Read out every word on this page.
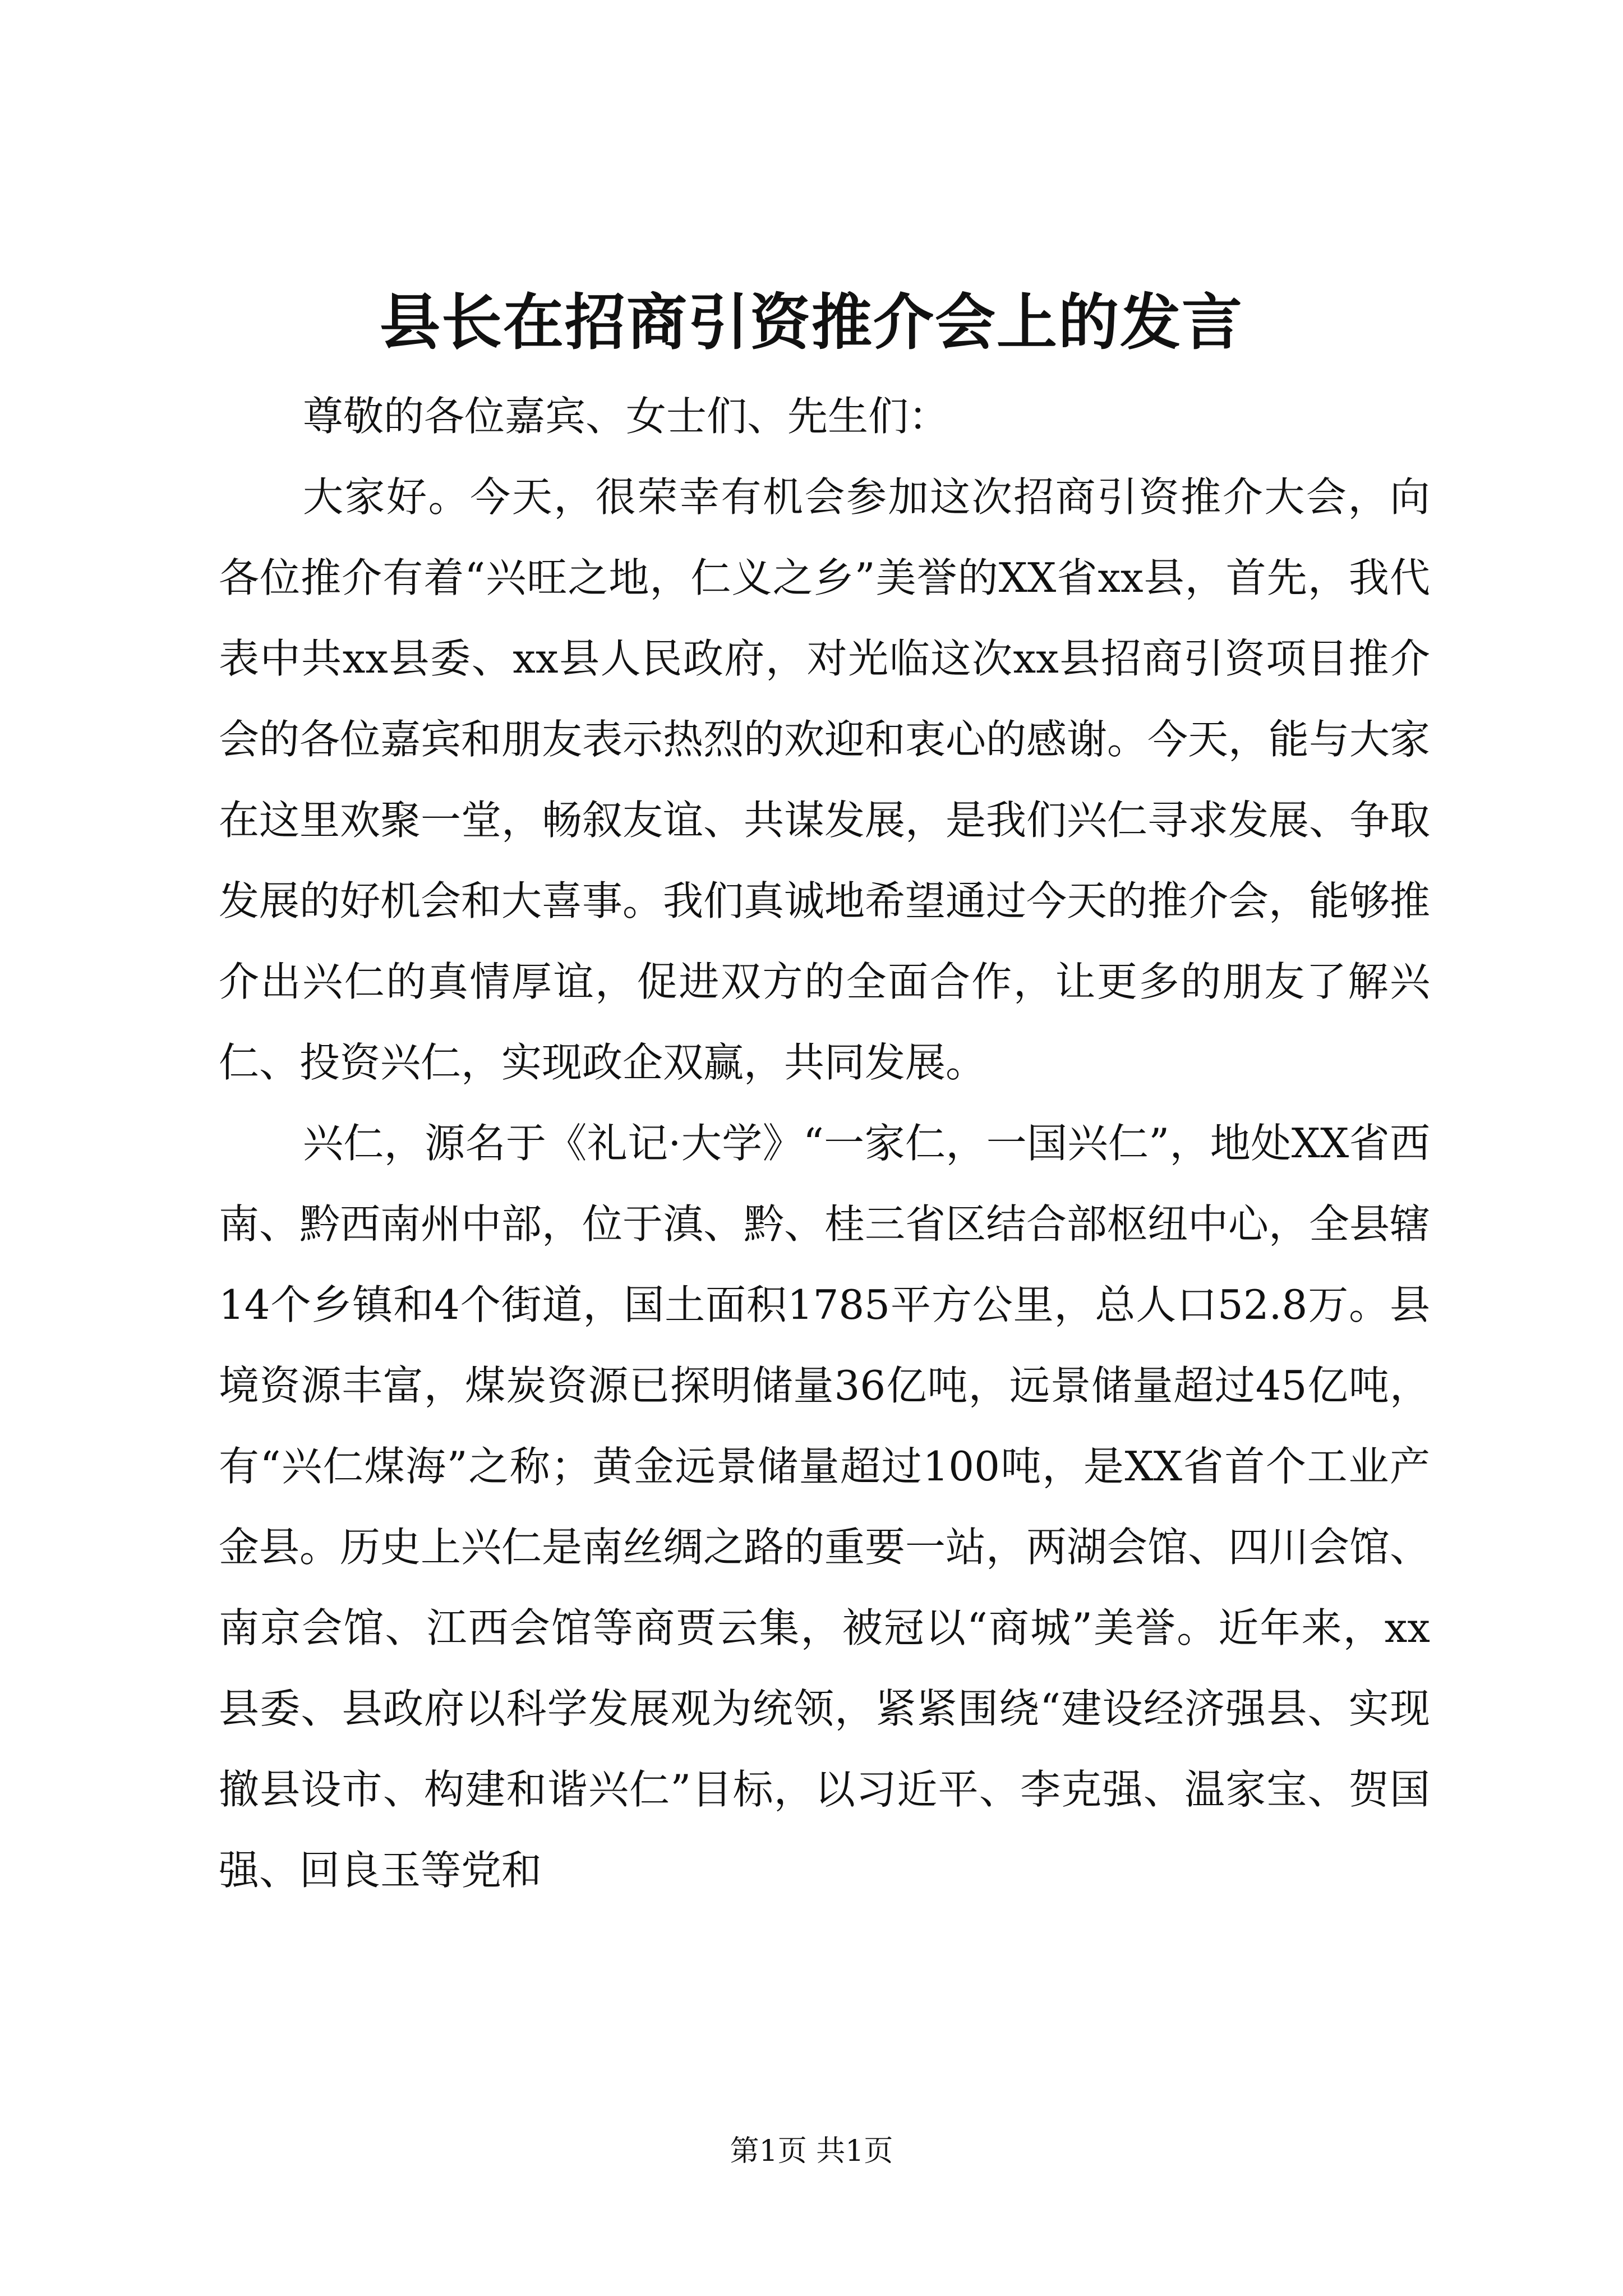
县长在招商引资推介会上的发言

尊敬的各位嘉宾、女士们、先生们：

大家好。今天，很荣幸有机会参加这次招商引资推介大会，向各位推介有着“兴旺之地，仁义之乡”美誉的XX省xx县，首先，我代表中共xx县委、xx县人民政府，对光临这次xx县招商引资项目推介会的各位嘉宾和朋友表示热烈的欢迎和衷心的感谢。今天，能与大家在这里欢聚一堂，畅叙友谊、共谋发展，是我们兴仁寻求发展、争取发展的好机会和大喜事。我们真诚地希望通过今天的推介会，能够推介出兴仁的真情厚谊，促进双方的全面合作，让更多的朋友了解兴仁、投资兴仁，实现政企双赢，共同发展。

兴仁，源名于《礼记·大学》“一家仁，一国兴仁”，地处XX省西南、黔西南州中部，位于滇、黔、桂三省区结合部枢纽中心，全县辖14个乡镇和4个街道，国土面积1785平方公里，总人口52.8万。县境资源丰富，煤炭资源已探明储量36亿吨，远景储量超过45亿吨，有“兴仁煤海”之称；黄金远景储量超过100吨，是XX省首个工业产金县。历史上兴仁是南丝绸之路的重要一站，两湖会馆、四川会馆、南京会馆、江西会馆等商贾云集，被冠以“商城”美誉。近年来，xx县委、县政府以科学发展观为统领，紧紧围绕“建设经济强县、实现撤县设市、构建和谐兴仁”目标，以习近平、李克强、温家宝、贺国强、回良玉等党和

第1页 共1页
